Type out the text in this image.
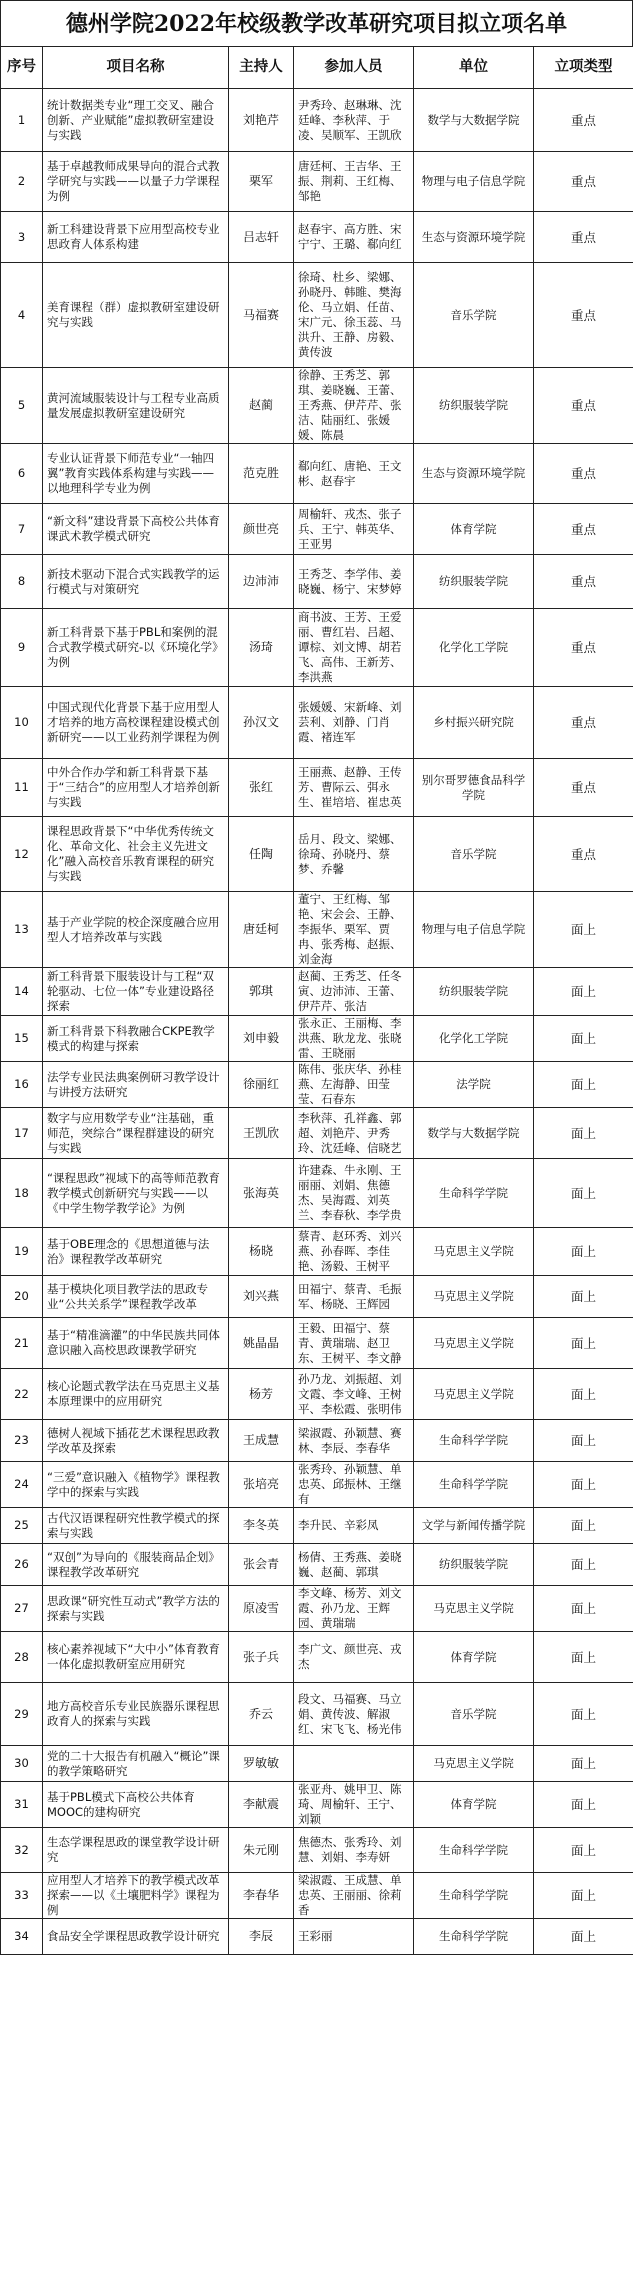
德州学院2022年校级教学改革研究项目拟立项名单
序号	项目名称	主持人	参加人员	单位	立项类型
1	统计数据类专业“理工交叉、融合创新、产业赋能”虚拟教研室建设与实践	刘艳芹	尹秀玲、赵琳琳、沈廷峰、李秋萍、于凌、吴顺军、王凯欣	数学与大数据学院	重点
2	基于卓越教师成果导向的混合式教学研究与实践——以量子力学课程为例	栗军	唐廷柯、王吉华、王振、荆莉、王红梅、邹艳	物理与电子信息学院	重点
3	新工科建设背景下应用型高校专业思政育人体系构建	吕志轩	赵春宇、高方胜、宋宁宁、王璐、郗向红	生态与资源环境学院	重点
4	美育课程（群）虚拟教研室建设研究与实践	马福赛	徐琦、杜乡、梁娜、孙晓丹、韩睢、樊海伦、马立娟、任苗、宋广元、徐玉蕊、马洪升、王静、房毅、黄传波	音乐学院	重点
5	黄河流域服装设计与工程专业高质量发展虚拟教研室建设研究	赵蔺	徐静、王秀芝、郭琪、姜晓巍、王蕾、王秀燕、伊芹芹、张洁、陆丽红、张媛媛、陈晨	纺织服装学院	重点
6	专业认证背景下师范专业“一轴四翼”教育实践体系构建与实践——以地理科学专业为例	范克胜	郗向红、唐艳、王文彬、赵春宇	生态与资源环境学院	重点
7	“新文科”建设背景下高校公共体育课武术教学模式研究	颜世亮	周榆轩、戎杰、张子兵、王宁、韩英华、王亚男	体育学院	重点
8	新技术驱动下混合式实践教学的运行模式与对策研究	边沛沛	王秀芝、李学伟、姜晓巍、杨宁、宋梦婷	纺织服装学院	重点
9	新工科背景下基于PBL和案例的混合式教学模式研究-以《环境化学》为例	汤琦	商书波、王芳、王爱丽、曹红岩、吕超、谭棕、刘文博、胡若飞、高伟、王新芳、李洪燕	化学化工学院	重点
10	中国式现代化背景下基于应用型人才培养的地方高校课程建设模式创新研究——以工业药剂学课程为例	孙汉文	张媛媛、宋新峰、刘芸利、刘静、门肖霞、褚连军	乡村振兴研究院	重点
11	中外合作办学和新工科背景下基于“三结合”的应用型人才培养创新与实践	张红	王丽燕、赵静、王传芳、曹际云、弭永生、崔培培、崔忠英	别尔哥罗德食品科学学院	重点
12	课程思政背景下“中华优秀传统文化、革命文化、社会主义先进文化”融入高校音乐教育课程的研究与实践	任陶	岳月、段文、梁娜、徐琦、孙晓丹、蔡梦、乔馨	音乐学院	重点
13	基于产业学院的校企深度融合应用型人才培养改革与实践	唐廷柯	董宁、王红梅、邹艳、宋会会、王静、李振华、栗军、贾冉、张秀梅、赵振、刘金海	物理与电子信息学院	面上
14	新工科背景下服装设计与工程“双轮驱动、七位一体”专业建设路径探索	郭琪	赵蔺、王秀芝、任冬寅、边沛沛、王蕾、伊芹芹、张洁	纺织服装学院	面上
15	新工科背景下科教融合CKPE教学模式的构建与探索	刘申毅	张永正、王丽梅、李洪燕、耿龙龙、张晓雷、王晓丽	化学化工学院	面上
16	法学专业民法典案例研习教学设计与讲授方法研究	徐丽红	陈伟、张庆华、孙桂燕、左海静、田莹莹、石春东	法学院	面上
17	数字与应用数学专业“注基础，重师范，突综合”课程群建设的研究与实践	王凯欣	李秋萍、孔祥鑫、郭超、刘艳芹、尹秀玲、沈廷峰、信晓艺	数学与大数据学院	面上
18	“课程思政”视域下的高等师范教育教学模式创新研究与实践——以《中学生物学教学论》为例	张海英	许建森、牛永刚、王丽丽、刘娟、焦德杰、吴海霞、刘英兰、李春秋、李学贵	生命科学学院	面上
19	基于OBE理念的《思想道德与法治》课程教学改革研究	杨晓	蔡青、赵环秀、刘兴燕、孙春晖、李佳艳、汤毅、王树平	马克思主义学院	面上
20	基于模块化项目教学法的思政专业“公共关系学”课程教学改革	刘兴燕	田福宁、蔡青、毛振军、杨晓、王辉园	马克思主义学院	面上
21	基于“精准滴灌”的中华民族共同体意识融入高校思政课教学研究	姚晶晶	王毅、田福宁、蔡青、黄瑞瑞、赵卫东、王树平、李文静	马克思主义学院	面上
22	核心论题式教学法在马克思主义基本原理课中的应用研究	杨芳	孙乃龙、刘振超、刘文霞、李文峰、王树平、李松霞、张明伟	马克思主义学院	面上
23	德树人视域下插花艺术课程思政教学改革及探索	王成慧	梁淑霞、孙颖慧、赛林、李辰、李春华	生命科学学院	面上
24	“三爱”意识融入《植物学》课程教学中的探索与实践	张培亮	张秀玲、孙颖慧、单忠英、邱振林、王继有	生命科学学院	面上
25	古代汉语课程研究性教学模式的探索与实践	李冬英	李升民、辛彩凤	文学与新闻传播学院	面上
26	“双创”为导向的《服装商品企划》课程教学改革研究	张会青	杨倩、王秀燕、姜晓巍、赵蔺、郭琪	纺织服装学院	面上
27	思政课“研究性互动式”教学方法的探索与实践	原凌雪	李文峰、杨芳、刘文霞、孙乃龙、王辉园、黄瑞瑞	马克思主义学院	面上
28	核心素养视域下“大中小”体育教育一体化虚拟教研室应用研究	张子兵	李广文、颜世亮、戎杰	体育学院	面上
29	地方高校音乐专业民族器乐课程思政育人的探索与实践	乔云	段文、马福赛、马立娟、黄传波、解淑红、宋飞飞、杨光伟	音乐学院	面上
30	党的二十大报告有机融入“概论”课的教学策略研究	罗敏敏		马克思主义学院	面上
31	基于PBL模式下高校公共体育MOOC的建构研究	李献震	张亚舟、姚甲卫、陈琦、周榆轩、王宁、刘颖	体育学院	面上
32	生态学课程思政的课堂教学设计研究	朱元刚	焦德杰、张秀玲、刘慧、刘娟、李寿妍	生命科学学院	面上
33	应用型人才培养下的教学模式改革探索——以《土壤肥料学》课程为例	李春华	梁淑霞、王成慧、单忠英、王丽丽、徐莉香	生命科学学院	面上
34	食品安全学课程思政教学设计研究	李辰	王彩丽	生命科学学院	面上
